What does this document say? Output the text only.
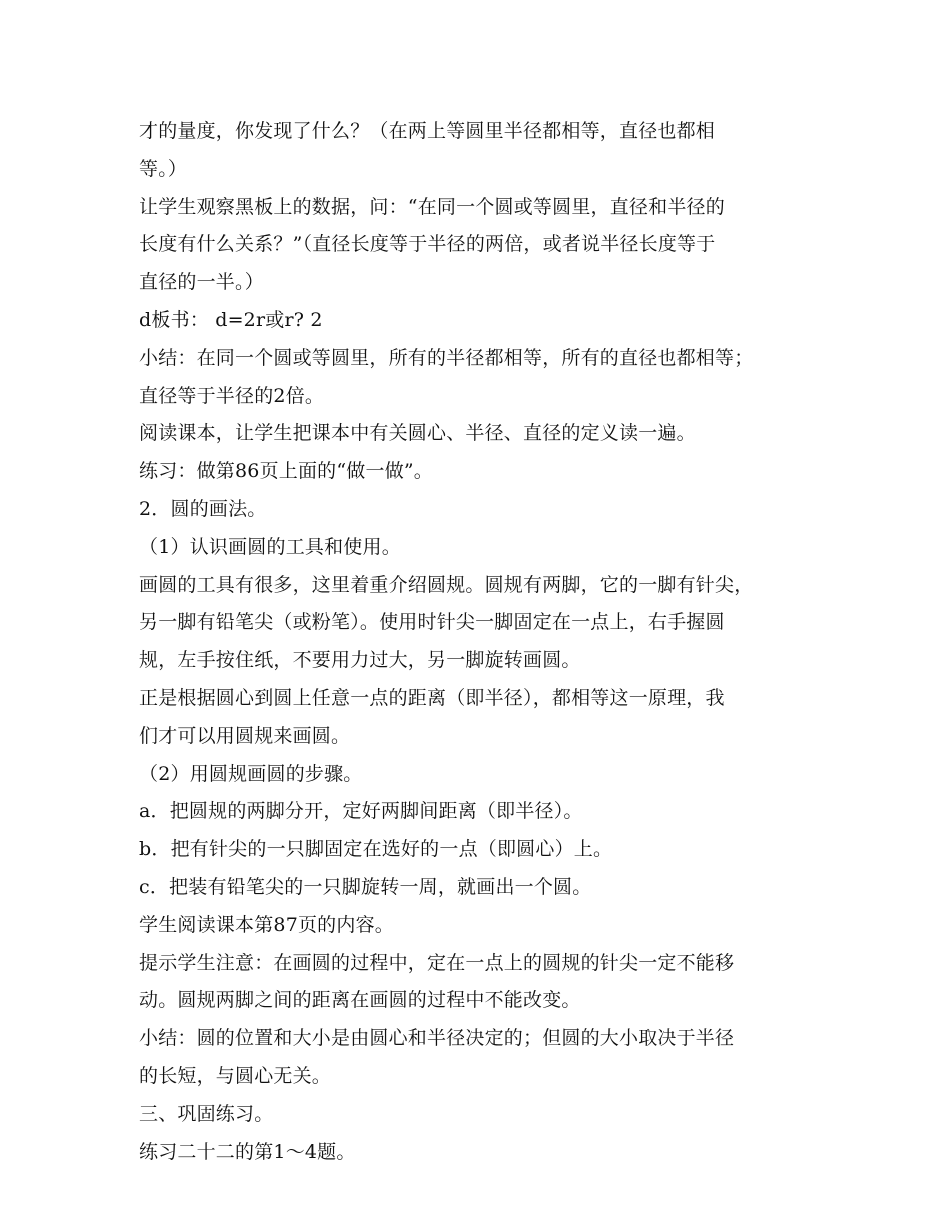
才的量度，你发现了什么？（在两上等圆里半径都相等，直径也都相
等。）
让学生观察黑板上的数据，问：“在同一个圆或等圆里，直径和半径的
长度有什么关系？”（直径长度等于半径的两倍，或者说半径长度等于
直径的一半。）
d板书： d=2r或r? 2
小结：在同一个圆或等圆里，所有的半径都相等，所有的直径也都相等；
直径等于半径的2倍。
阅读课本，让学生把课本中有关圆心、半径、直径的定义读一遍。
练习：做第86页上面的“做一做”。
2．圆的画法。
（1）认识画圆的工具和使用。
画圆的工具有很多，这里着重介绍圆规。圆规有两脚，它的一脚有针尖，
另一脚有铅笔尖（或粉笔）。使用时针尖一脚固定在一点上，右手握圆
规，左手按住纸，不要用力过大，另一脚旋转画圆。
正是根据圆心到圆上任意一点的距离（即半径），都相等这一原理，我
们才可以用圆规来画圆。
（2）用圆规画圆的步骤。
a．把圆规的两脚分开，定好两脚间距离（即半径）。
b．把有针尖的一只脚固定在选好的一点（即圆心）上。
c．把装有铅笔尖的一只脚旋转一周，就画出一个圆。
学生阅读课本第87页的内容。
提示学生注意：在画圆的过程中，定在一点上的圆规的针尖一定不能移
动。圆规两脚之间的距离在画圆的过程中不能改变。
小结：圆的位置和大小是由圆心和半径决定的；但圆的大小取决于半径
的长短，与圆心无关。
三、巩固练习。
练习二十二的第1～4题。
